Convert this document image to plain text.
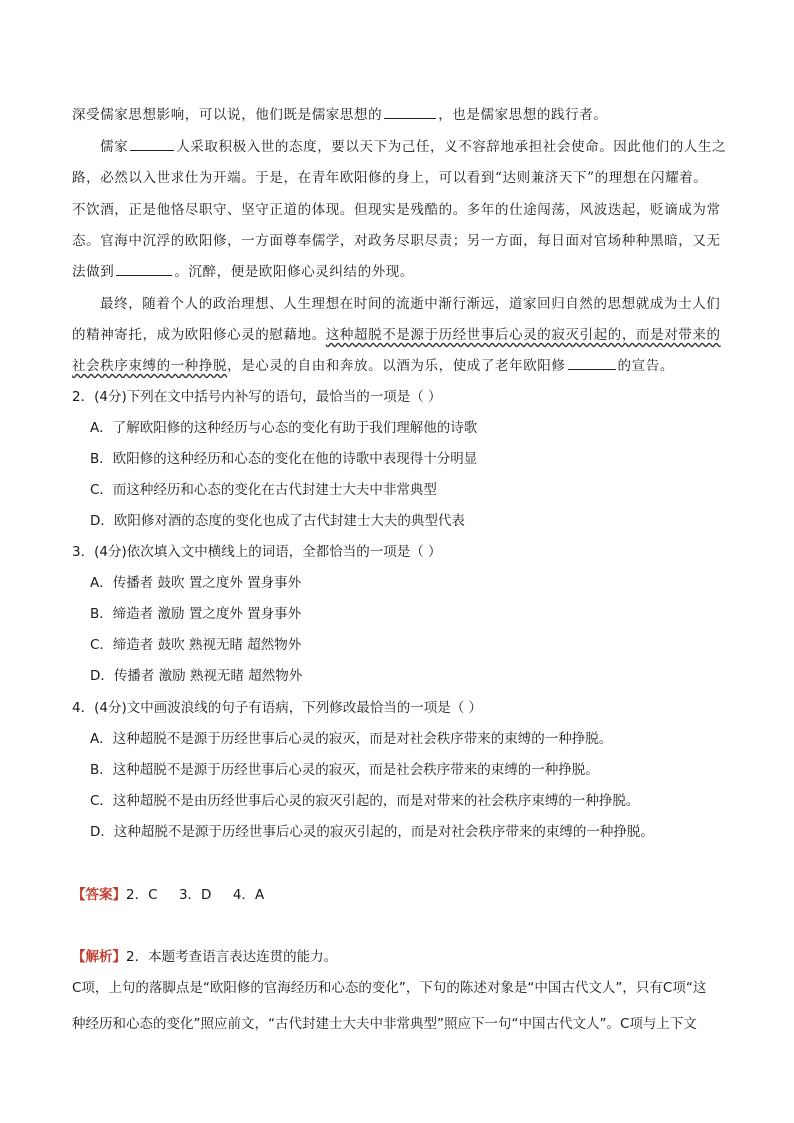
深受儒家思想影响，可以说，他们既是儒家思想的	，也是儒家思想的践行者。
儒家	人采取积极入世的态度，要以天下为己任，义不容辞地承担社会使命。因此他们的人生之
路，必然以入世求仕为开端。于是，在青年欧阳修的身上，可以看到“达则兼济天下”的理想在闪耀着。
不饮酒，正是他恪尽职守、坚守正道的体现。但现实是残酷的。多年的仕途闯荡，风波迭起，贬谪成为常
态。官海中沉浮的欧阳修，一方面尊奉儒学，对政务尽职尽责；另一方面，每日面对官场种种黑暗，又无
法做到	。沉醉，便是欧阳修心灵纠结的外现。
最终，随着个人的政治理想、人生理想在时间的流逝中渐行渐远，道家回归自然的思想就成为士人们
的精神寄托，成为欧阳修心灵的慰藉地。这种超脱不是源于历经世事后心灵的寂灭引起的，而是对带来的
社会秩序束缚的一种挣脱，是心灵的自由和奔放。以酒为乐，使成了老年欧阳修	的宣告。
2．(4分)下列在文中括号内补写的语句，最恰当的一项是（ ）
A．了解欧阳修的这种经历与心态的变化有助于我们理解他的诗歌
B．欧阳修的这种经历和心态的变化在他的诗歌中表现得十分明显
C．而这种经历和心态的变化在古代封建士大夫中非常典型
D．欧阳修对酒的态度的变化也成了古代封建士大夫的典型代表
3．(4分)依次填入文中横线上的词语，全都恰当的一项是（ ）
A．传播者 鼓吹 置之度外 置身事外
B．缔造者 激励 置之度外 置身事外
C．缔造者 鼓吹 熟视无睹 超然物外
D．传播者 激励 熟视无睹 超然物外
4．(4分)文中画波浪线的句子有语病，下列修改最恰当的一项是（ ）
A．这种超脱不是源于历经世事后心灵的寂灭，而是对社会秩序带来的束缚的一种挣脱。
B．这种超脱不是源于历经世事后心灵的寂灭，而是社会秩序带来的束缚的一种挣脱。
C．这种超脱不是由历经世事后心灵的寂灭引起的，而是对带来的社会秩序束缚的一种挣脱。
D．这种超脱不是源于历经世事后心灵的寂灭引起的，而是对社会秩序带来的束缚的一种挣脱。
【答案】2．C     3．D     4．A
【解析】2．本题考查语言表达连贯的能力。
C项，上句的落脚点是“欧阳修的官海经历和心态的变化”，下句的陈述对象是“中国古代文人”，只有C项“这
种经历和心态的变化”照应前文，“古代封建士大夫中非常典型”照应下一句“中国古代文人”。C项与上下文
